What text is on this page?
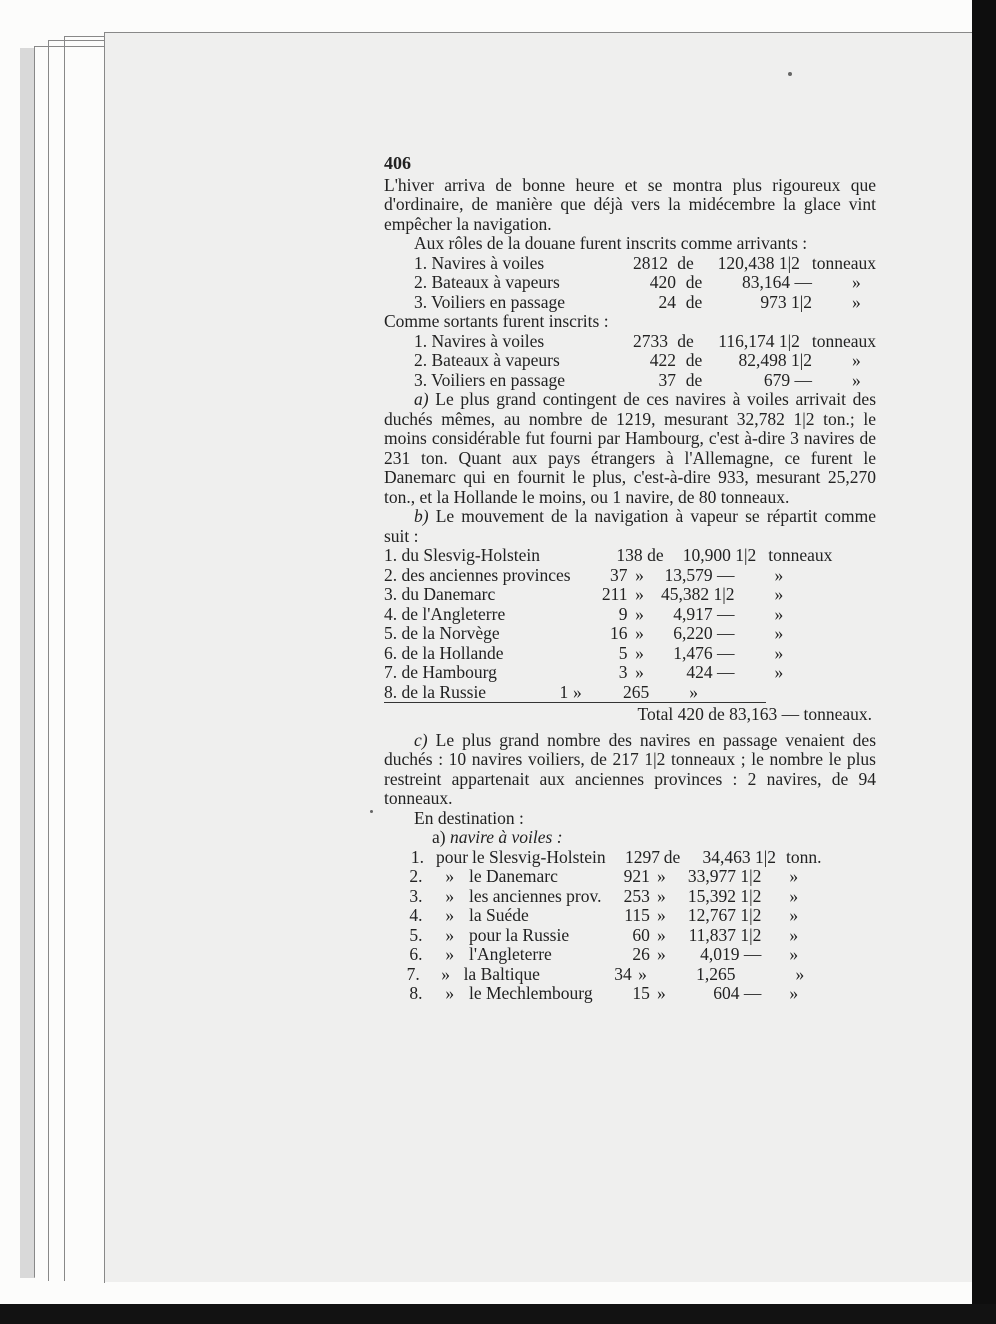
406

L'hiver arriva de bonne heure et se montra plus rigoureux que d'ordinaire, de manière que déjà vers la midécembre la glace vint empêcher la navigation.

Aux rôles de la douane furent inscrits comme arrivants :

1. Navires à voiles	2812 de	120,438 1|2 tonneaux
2. Bateaux à vapeurs	420 de	83,164 —	»
3. Voiliers en passage	24 de	973 1|2	»

Comme sortants furent inscrits :

1. Navires à voiles	2733 de	116,174 1|2 tonneaux
2. Bateaux à vapeurs	422 de	82,498 1|2	»
3. Voiliers en passage	37 de	679 —	»

a) Le plus grand contingent de ces navires à voiles arrivait des duchés mêmes, au nombre de 1219, mesurant 32,782 1|2 ton.; le moins considérable fut fourni par Hambourg, c'est à-dire 3 navires de 231 ton. Quant aux pays étrangers à l'Allemagne, ce furent le Danemarc qui en fournit le plus, c'est-à-dire 933, mesurant 25,270 ton., et la Hollande le moins, ou 1 navire, de 80 tonneaux.

b) Le mouvement de la navigation à vapeur se répartit comme suit :

1. du Slesvig-Holstein	138 de	10,900 1|2 tonneaux
2. des anciennes provinces	37 »	13,579 —	»
3. du Danemarc	211 » 45,382 1|2	»
4. de l'Angleterre	9 »	4,917 —	»
5. de la Norvège	16 »	6,220 —	»
6. de la Hollande	5 »	1,476 —	»
7. de Hambourg	3 »	424 —	»
8. de la Russie	1 »	265	»
Total 420 de 83,163 — tonneaux.

c) Le plus grand nombre des navires en passage venaient des duchés : 10 navires voiliers, de 217 1|2 tonneaux ; le nombre le plus restreint appartenait aux anciennes provinces : 2 navires, de 94 tonneaux.

En destination :
a) navire à voiles :
1. pour le Slesvig-Holstein	1297 de	34,463 1|2 tonn.
2.	» le Danemarc	921 »	33,977 1|2	»
3.	» les anciennes prov.	253 »	15,392 1|2	»
4.	» la Suéde	115 »	12,767 1|2	»
5.	» pour la Russie	60 »	11,837 1|2	»
6.	» l'Angleterre	26 »	4,019 —	»
7.	» la Baltique	34 »	1,265	»
8.	» le Mechlembourg	15 »	604 —	»
